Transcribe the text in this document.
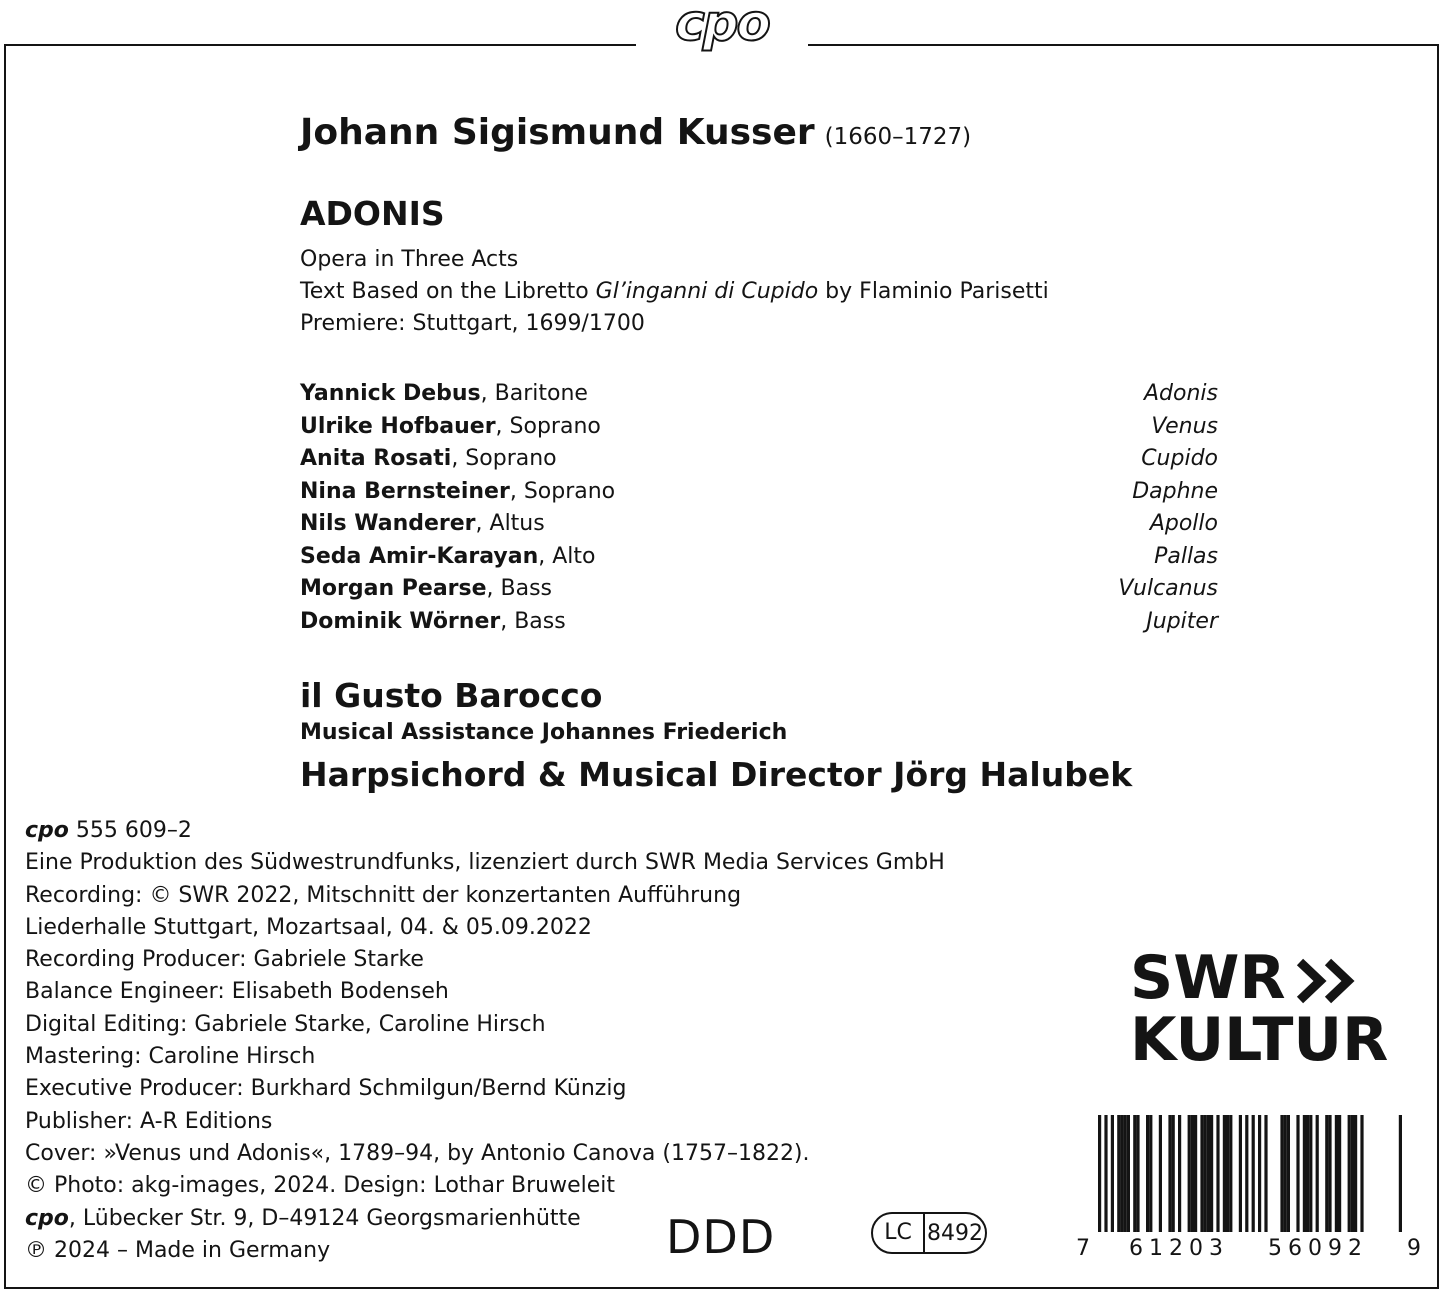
cpo
Johann Sigismund Kusser (1660–1727)
ADONIS
Opera in Three Acts
Text Based on the Libretto Gl’inganni di Cupido by Flaminio Parisetti
Premiere: Stuttgart, 1699/1700
Yannick Debus, Baritone	Adonis
Ulrike Hofbauer, Soprano	Venus
Anita Rosati, Soprano	Cupido
Nina Bernsteiner, Soprano	Daphne
Nils Wanderer, Altus	Apollo
Seda Amir-Karayan, Alto	Pallas
Morgan Pearse, Bass	Vulcanus
Dominik Wörner, Bass	Jupiter
il Gusto Barocco
Musical Assistance Johannes Friederich
Harpsichord & Musical Director Jörg Halubek
cpo 555 609–2
Eine Produktion des Südwestrundfunks, lizenziert durch SWR Media Services GmbH
Recording: © SWR 2022, Mitschnitt der konzertanten Aufführung
Liederhalle Stuttgart, Mozartsaal, 04. & 05.09.2022
Recording Producer: Gabriele Starke
Balance Engineer: Elisabeth Bodenseh
Digital Editing: Gabriele Starke, Caroline Hirsch
Mastering: Caroline Hirsch
Executive Producer: Burkhard Schmilgun/Bernd Künzig
Publisher: A-R Editions
Cover: »Venus und Adonis«, 1789–94, by Antonio Canova (1757–1822).
© Photo: akg-images, 2024. Design: Lothar Bruweleit
cpo, Lübecker Str. 9, D–49124 Georgsmarienhütte
℗ 2024 – Made in Germany	DDD	LC 8492
SWR
KULTUR
7 61203 56092 9
